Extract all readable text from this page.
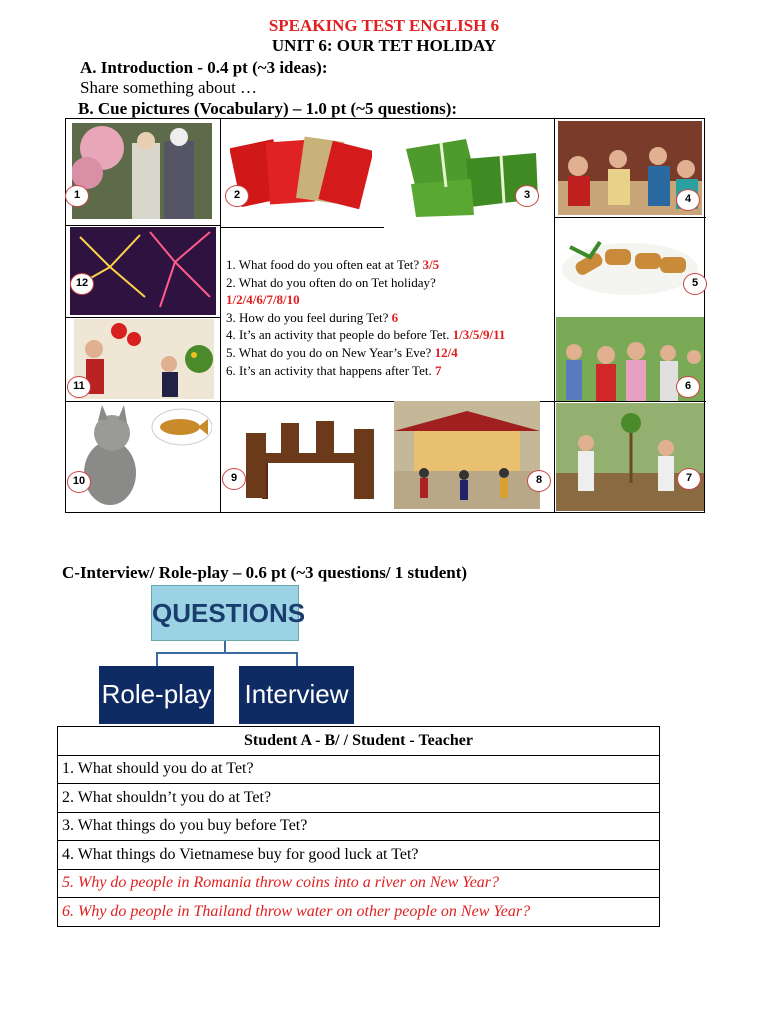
SPEAKING TEST ENGLISH 6
UNIT 6: OUR TET HOLIDAY
A. Introduction - 0.4 pt (~3 ideas):
Share something about …
B. Cue pictures (Vocabulary) – 1.0 pt (~5 questions):
1	2	3	4
5
6
7
8
9
10
11
12
1. What food do you often eat at Tet? 3/5
2. What do you often do on Tet holiday?
1/2/4/6/7/8/10
3. How do you feel during Tet? 6
4. It’s an activity that people do before Tet. 1/3/5/9/11
5. What do you do on New Year’s Eve? 12/4
6. It’s an activity that happens after Tet. 7
C-Interview/ Role-play – 0.6 pt (~3 questions/ 1 student)
QUESTIONS
Role-play Interview
Student A - B/ / Student - Teacher
1. What should you do at Tet?
2. What shouldn’t you do at Tet?
3. What things do you buy before Tet?
4. What things do Vietnamese buy for good luck at Tet?
5. Why do people in Romania throw coins into a river on New Year?
6. Why do people in Thailand throw water on other people on New Year?
